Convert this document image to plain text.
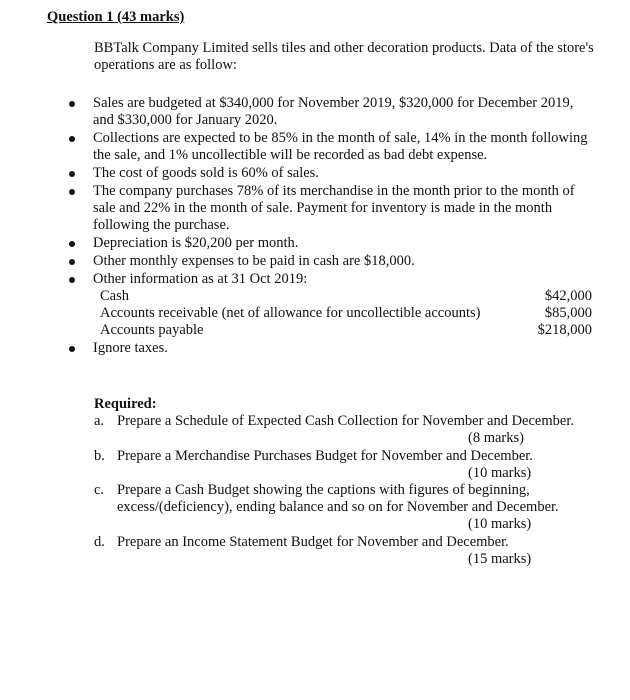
Question 1 (43 marks)
BBTalk Company Limited sells tiles and other decoration products. Data of the store's operations are as follow:
Sales are budgeted at $340,000 for November 2019, $320,000 for December 2019, and $330,000 for January 2020.
Collections are expected to be 85% in the month of sale, 14% in the month following the sale, and 1% uncollectible will be recorded as bad debt expense.
The cost of goods sold is 60% of sales.
The company purchases 78% of its merchandise in the month prior to the month of sale and 22% in the month of sale. Payment for inventory is made in the month following the purchase.
Depreciation is $20,200 per month.
Other monthly expenses to be paid in cash are $18,000.
Other information as at 31 Oct 2019:
Cash	$42,000
Accounts receivable (net of allowance for uncollectible accounts)	$85,000
Accounts payable	$218,000
Ignore taxes.
Required:
a. Prepare a Schedule of Expected Cash Collection for November and December.
(8 marks)
b. Prepare a Merchandise Purchases Budget for November and December.
(10 marks)
c. Prepare a Cash Budget showing the captions with figures of beginning, excess/(deficiency), ending balance and so on for November and December.
(10 marks)
d. Prepare an Income Statement Budget for November and December.
(15 marks)
